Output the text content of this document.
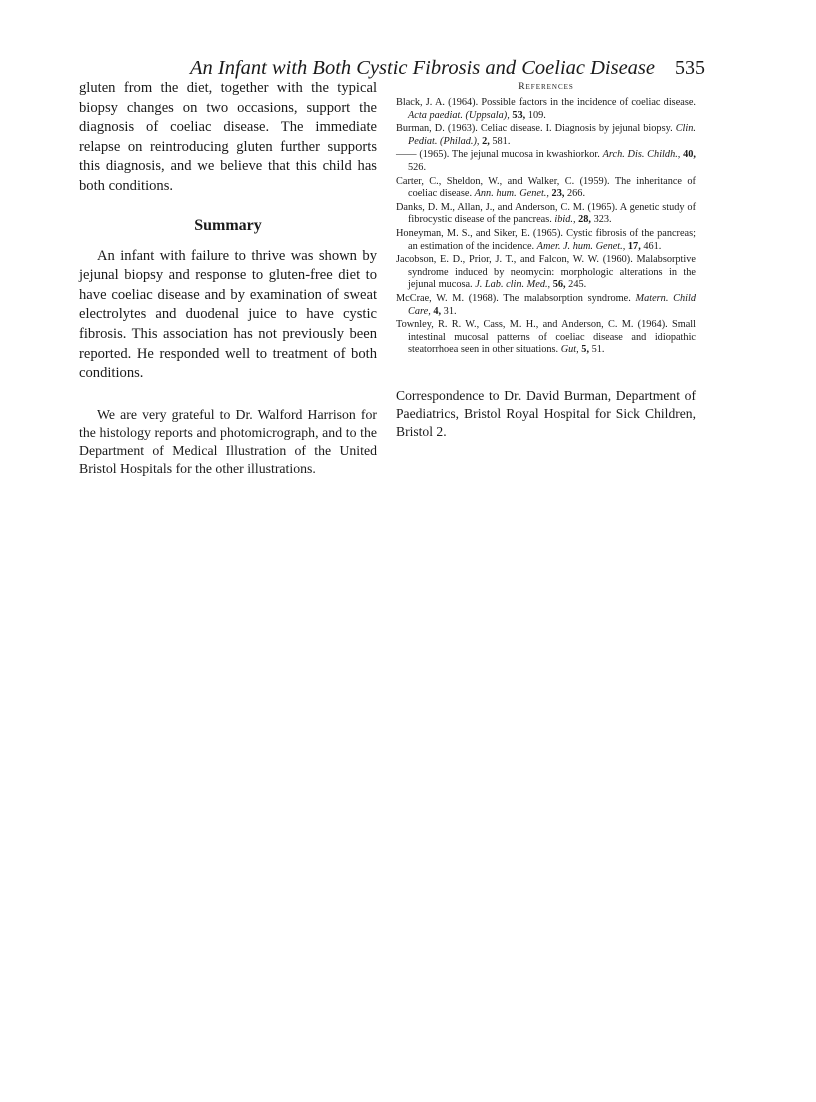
An Infant with Both Cystic Fibrosis and Coeliac Disease 535

gluten from the diet, together with the typical biopsy changes on two occasions, support the diagnosis of coeliac disease. The immediate relapse on reintroducing gluten further supports this diagnosis, and we believe that this child has both conditions.

Summary

An infant with failure to thrive was shown by jejunal biopsy and response to gluten-free diet to have coeliac disease and by examination of sweat electrolytes and duodenal juice to have cystic fibrosis. This association has not previously been reported. He responded well to treatment of both conditions.

We are very grateful to Dr. Walford Harrison for the histology reports and photomicrograph, and to the Department of Medical Illustration of the United Bristol Hospitals for the other illustrations.

References

Black, J. A. (1964). Possible factors in the incidence of coeliac disease. Acta paediat. (Uppsala), 53, 109.

Burman, D. (1963). Celiac disease. I. Diagnosis by jejunal biopsy. Clin. Pediat. (Philad.), 2, 581.

—— (1965). The jejunal mucosa in kwashiorkor. Arch. Dis. Childh., 40, 526.

Carter, C., Sheldon, W., and Walker, C. (1959). The inheritance of coeliac disease. Ann. hum. Genet., 23, 266.

Danks, D. M., Allan, J., and Anderson, C. M. (1965). A genetic study of fibrocystic disease of the pancreas. ibid., 28, 323.

Honeyman, M. S., and Siker, E. (1965). Cystic fibrosis of the pancreas; an estimation of the incidence. Amer. J. hum. Genet., 17, 461.

Jacobson, E. D., Prior, J. T., and Falcon, W. W. (1960). Malabsorptive syndrome induced by neomycin: morphologic alterations in the jejunal mucosa. J. Lab. clin. Med., 56, 245.

McCrae, W. M. (1968). The malabsorption syndrome. Matern. Child Care, 4, 31.

Townley, R. R. W., Cass, M. H., and Anderson, C. M. (1964). Small intestinal mucosal patterns of coeliac disease and idiopathic steatorrhoea seen in other situations. Gut, 5, 51.

Correspondence to Dr. David Burman, Department of Paediatrics, Bristol Royal Hospital for Sick Children, Bristol 2.
